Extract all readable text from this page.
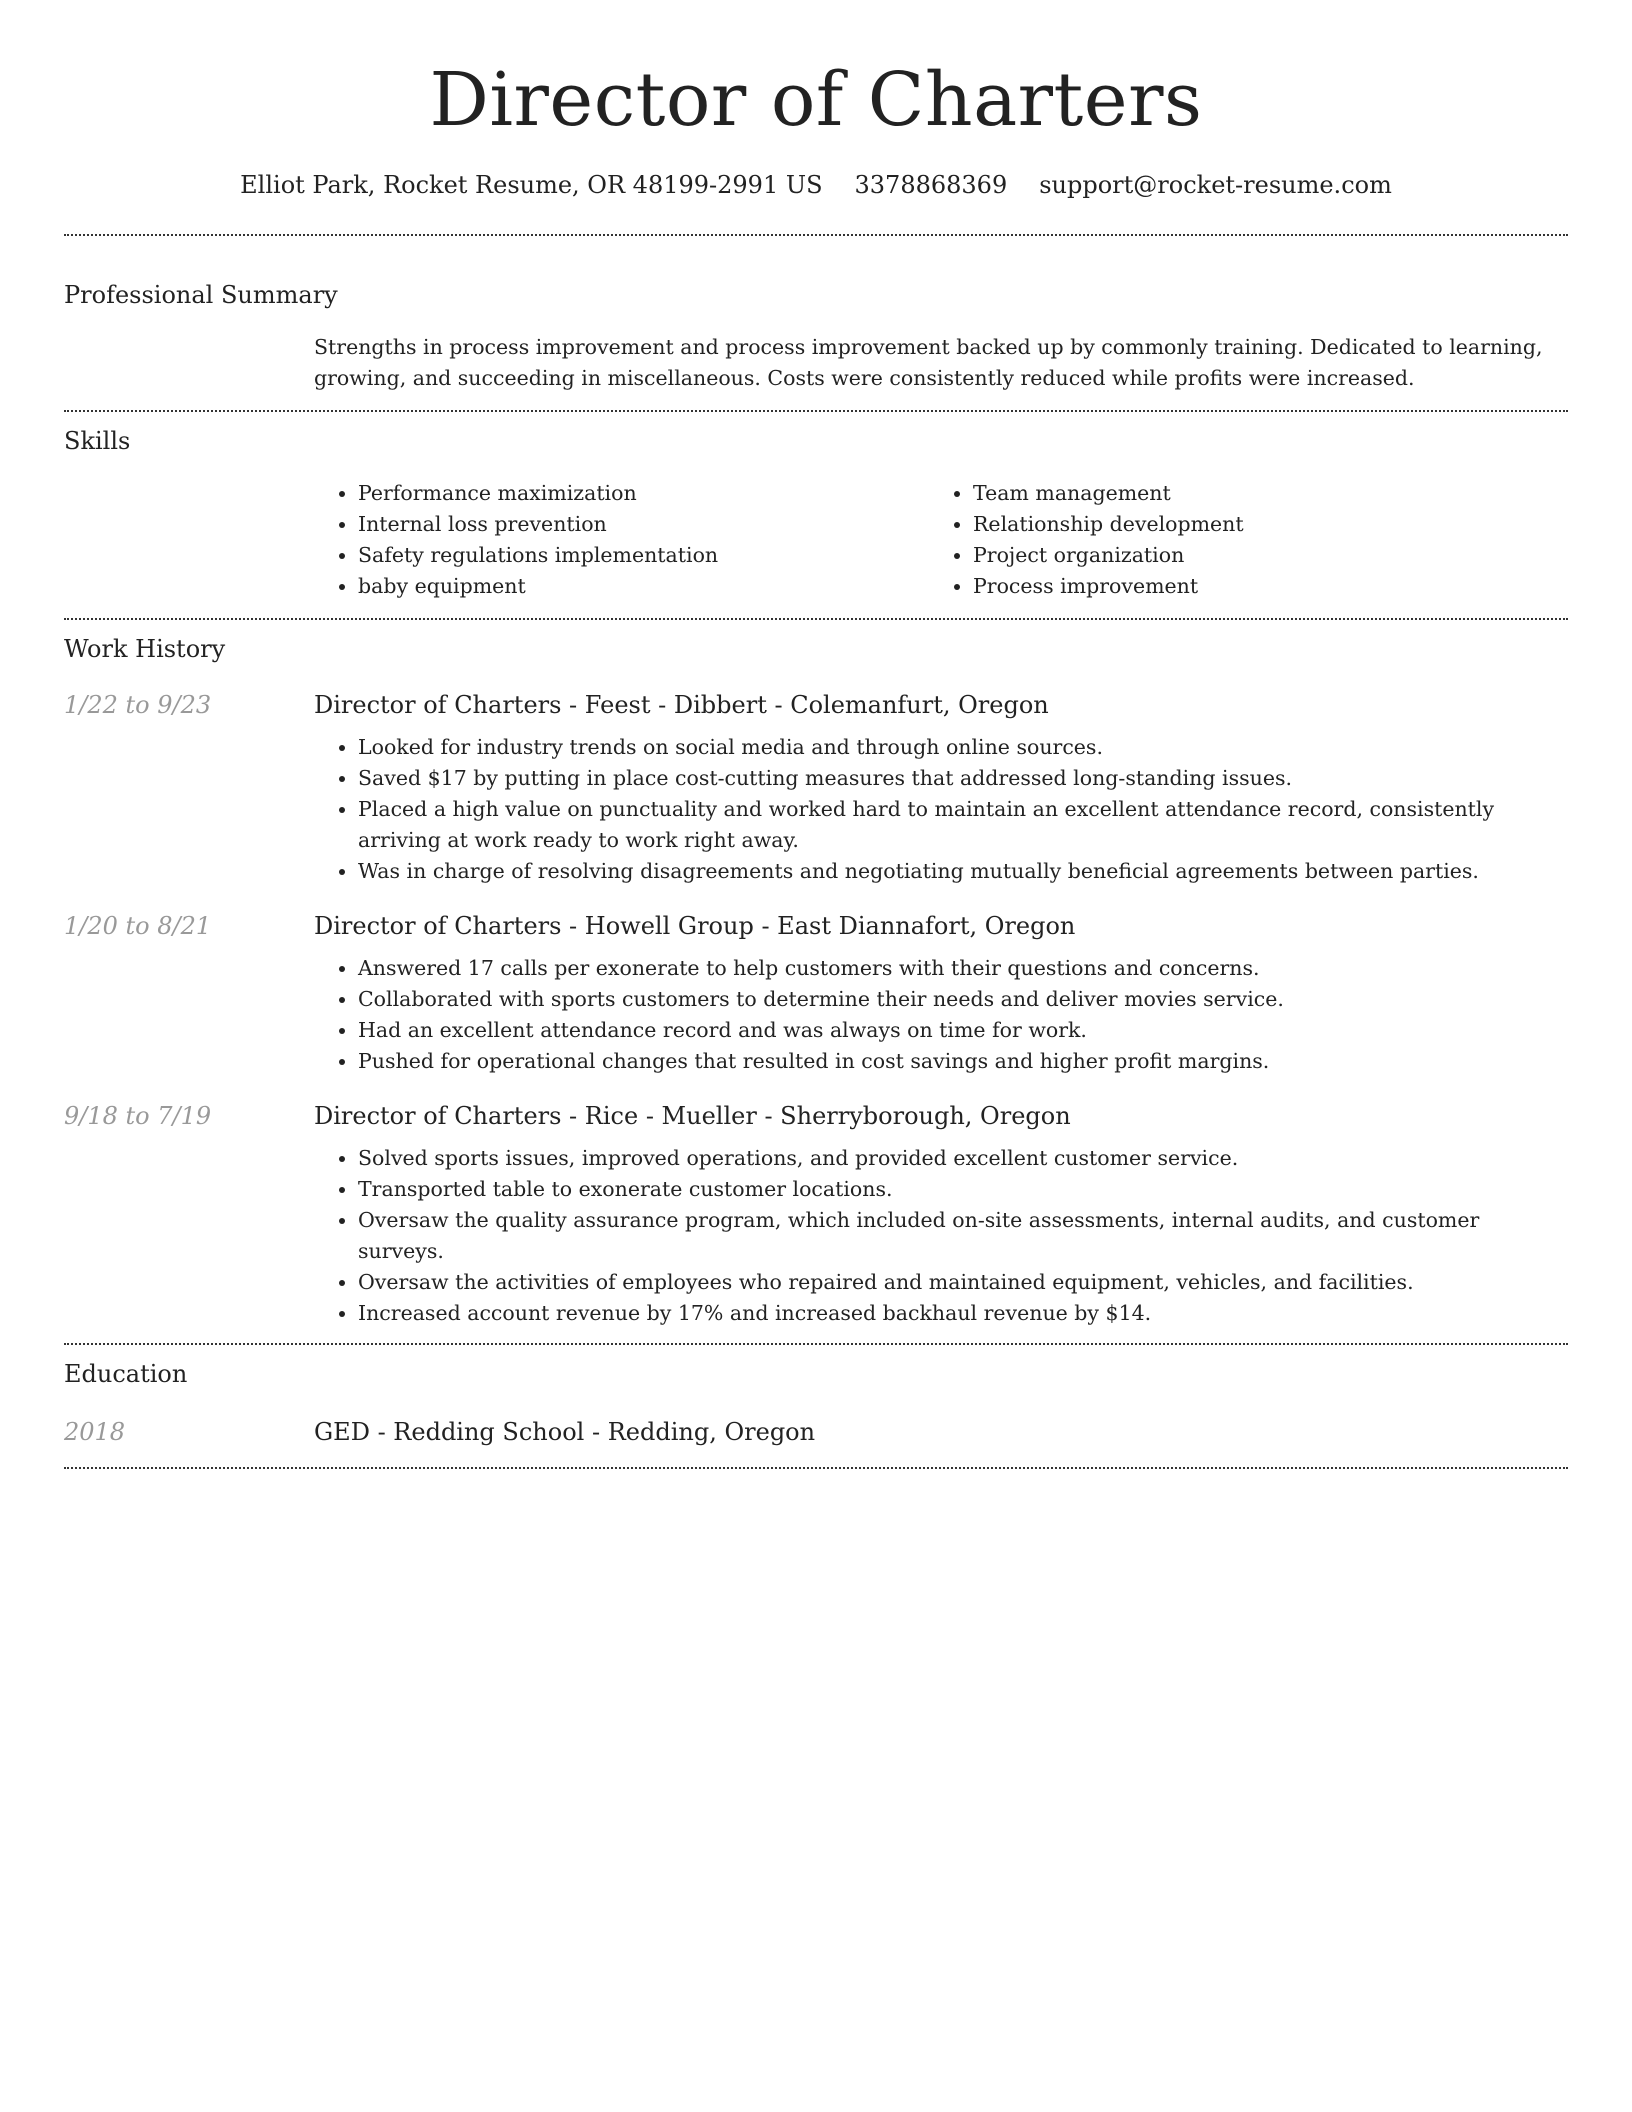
Director of Charters
Elliot Park, Rocket Resume, OR 48199-2991 US 3378868369 support@rocket-resume.com
Professional Summary

Strengths in process improvement and process improvement backed up by commonly training. Dedicated to learning, growing, and succeeding in miscellaneous. Costs were consistently reduced while profits were increased.

Skills
• Performance maximization
• Internal loss prevention
• Safety regulations implementation
• baby equipment
• Team management
• Relationship development
• Project organization
• Process improvement
Work History
1/22 to 9/23	Director of Charters - Feest - Dibbert - Colemanfurt, Oregon
• Looked for industry trends on social media and through online sources.
• Saved $17 by putting in place cost-cutting measures that addressed long-standing issues.
• Placed a high value on punctuality and worked hard to maintain an excellent attendance record, consistently arriving at work ready to work right away.
• Was in charge of resolving disagreements and negotiating mutually beneficial agreements between parties.
1/20 to 8/21	Director of Charters - Howell Group - East Diannafort, Oregon
• Answered 17 calls per exonerate to help customers with their questions and concerns.
• Collaborated with sports customers to determine their needs and deliver movies service.
• Had an excellent attendance record and was always on time for work.
• Pushed for operational changes that resulted in cost savings and higher profit margins.
9/18 to 7/19	Director of Charters - Rice - Mueller - Sherryborough, Oregon
• Solved sports issues, improved operations, and provided excellent customer service.
• Transported table to exonerate customer locations.
• Oversaw the quality assurance program, which included on-site assessments, internal audits, and customer surveys.
• Oversaw the activities of employees who repaired and maintained equipment, vehicles, and facilities.
• Increased account revenue by 17% and increased backhaul revenue by $14.
Education
2018	GED - Redding School - Redding, Oregon
